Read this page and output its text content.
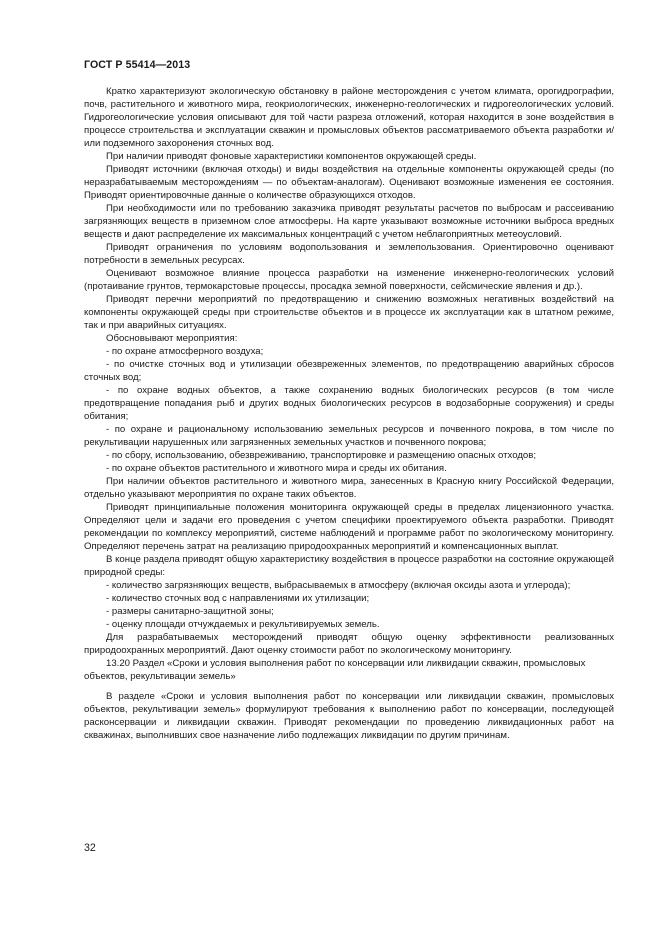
ГОСТ Р 55414—2013

Кратко характеризуют экологическую обстановку в районе месторождения с учетом климата, орогидрографии, почв, растительного и животного мира, геокриологических, инженерно-геологических и гидрогеологических условий. Гидрогеологические условия описывают для той части разреза отложений, которая находится в зоне воздействия в процессе строительства и эксплуатации скважин и промысловых объектов рассматриваемого объекта разработки и/или подземного захоронения сточных вод.

При наличии приводят фоновые характеристики компонентов окружающей среды.

Приводят источники (включая отходы) и виды воздействия на отдельные компоненты окружающей среды (по неразрабатываемым месторождениям — по объектам-аналогам). Оценивают возможные изменения ее состояния. Приводят ориентировочные данные о количестве образующихся отходов.

При необходимости или по требованию заказчика приводят результаты расчетов по выбросам и рассеиванию загрязняющих веществ в приземном слое атмосферы. На карте указывают возможные источники выброса вредных веществ и дают распределение их максимальных концентраций с учетом неблагоприятных метеоусловий.

Приводят ограничения по условиям водопользования и землепользования. Ориентировочно оценивают потребности в земельных ресурсах.

Оценивают возможное влияние процесса разработки на изменение инженерно-геологических условий (протаивание грунтов, термокарстовые процессы, просадка земной поверхности, сейсмические явления и др.).

Приводят перечни мероприятий по предотвращению и снижению возможных негативных воздействий на компоненты окружающей среды при строительстве объектов и в процессе их эксплуатации как в штатном режиме, так и при аварийных ситуациях.

Обосновывают мероприятия:

- по охране атмосферного воздуха;

- по очистке сточных вод и утилизации обезвреженных элементов, по предотвращению аварийных сбросов сточных вод;

- по охране водных объектов, а также сохранению водных биологических ресурсов (в том числе предотвращение попадания рыб и других водных биологических ресурсов в водозаборные сооружения) и среды обитания;

- по охране и рациональному использованию земельных ресурсов и почвенного покрова, в том числе по рекультивации нарушенных или загрязненных земельных участков и почвенного покрова;

- по сбору, использованию, обезвреживанию, транспортировке и размещению опасных отходов;

- по охране объектов растительного и животного мира и среды их обитания.

При наличии объектов растительного и животного мира, занесенных в Красную книгу Российской Федерации, отдельно указывают мероприятия по охране таких объектов.

Приводят принципиальные положения мониторинга окружающей среды в пределах лицензионного участка. Определяют цели и задачи его проведения с учетом специфики проектируемого объекта разработки. Приводят рекомендации по комплексу мероприятий, системе наблюдений и программе работ по экологическому мониторингу. Определяют перечень затрат на реализацию природоохранных мероприятий и компенсационных выплат.

В конце раздела приводят общую характеристику воздействия в процессе разработки на состояние окружающей природной среды:

- количество загрязняющих веществ, выбрасываемых в атмосферу (включая оксиды азота и углерода);

- количество сточных вод с направлениями их утилизации;

- размеры санитарно-защитной зоны;

- оценку площади отчуждаемых и рекультивируемых земель.

Для разрабатываемых месторождений приводят общую оценку эффективности реализованных природоохранных мероприятий. Дают оценку стоимости работ по экологическому мониторингу.

13.20 Раздел «Сроки и условия выполнения работ по консервации или ликвидации скважин, промысловых объектов, рекультивации земель»

В разделе «Сроки и условия выполнения работ по консервации или ликвидации скважин, промысловых объектов, рекультивации земель» формулируют требования к выполнению работ по консервации, последующей расконсервации и ликвидации скважин. Приводят рекомендации по проведению ликвидационных работ на скважинах, выполнивших свое назначение либо подлежащих ликвидации по другим причинам.

32
